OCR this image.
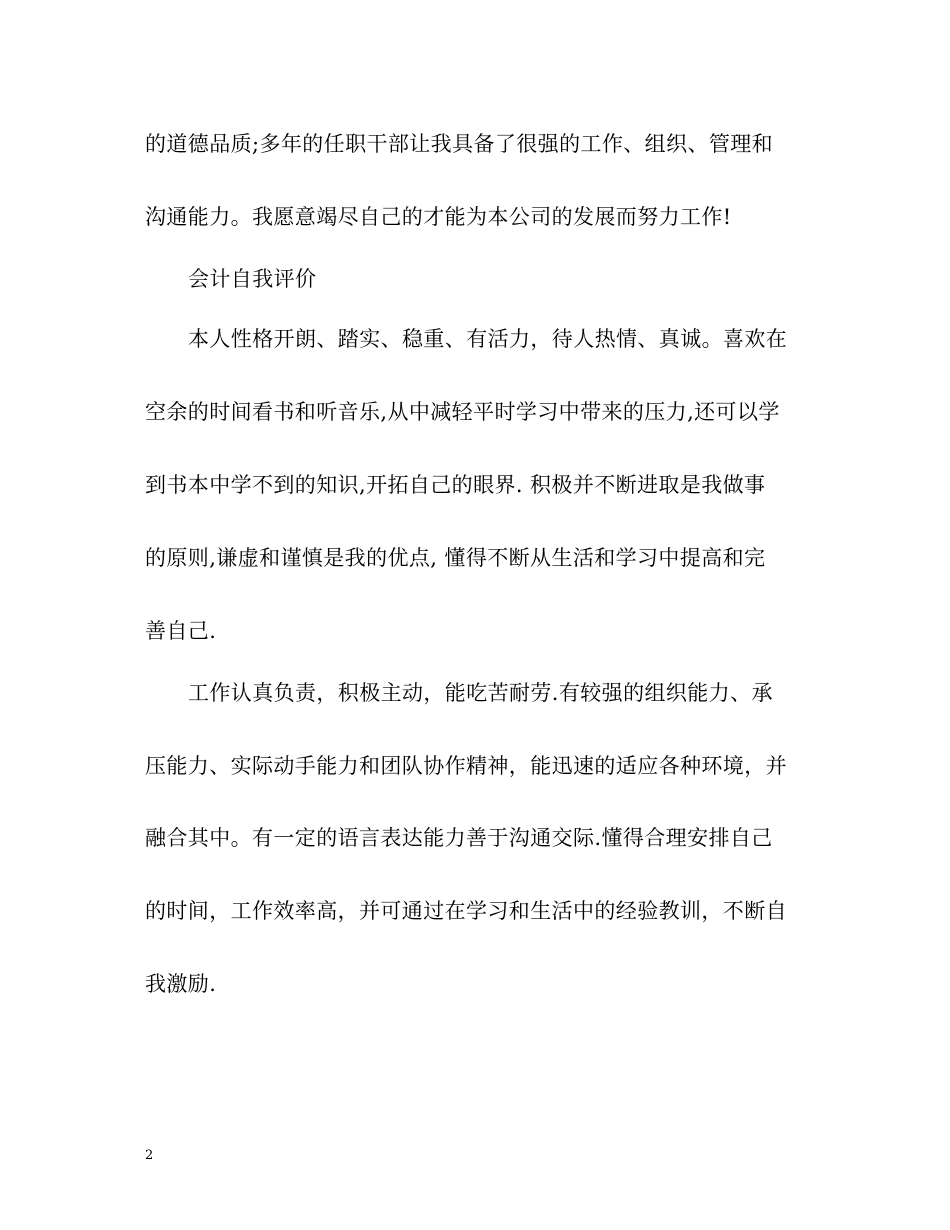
的道德品质;多年的任职干部让我具备了很强的工作、组织、管理和
沟通能力。我愿意竭尽自己的才能为本公司的发展而努力工作!
会计自我评价
本人性格开朗、踏实、稳重、有活力，待人热情、真诚。喜欢在
空余的时间看书和听音乐,从中减轻平时学习中带来的压力,还可以学
到书本中学不到的知识,开拓自己的眼界. 积极并不断进取是我做事
的原则,谦虚和谨慎是我的优点, 懂得不断从生活和学习中提高和完
善自己.
工作认真负责，积极主动，能吃苦耐劳.有较强的组织能力、承
压能力、实际动手能力和团队协作精神，能迅速的适应各种环境，并
融合其中。有一定的语言表达能力善于沟通交际.懂得合理安排自己
的时间，工作效率高，并可通过在学习和生活中的经验教训，不断自
我激励.
2
